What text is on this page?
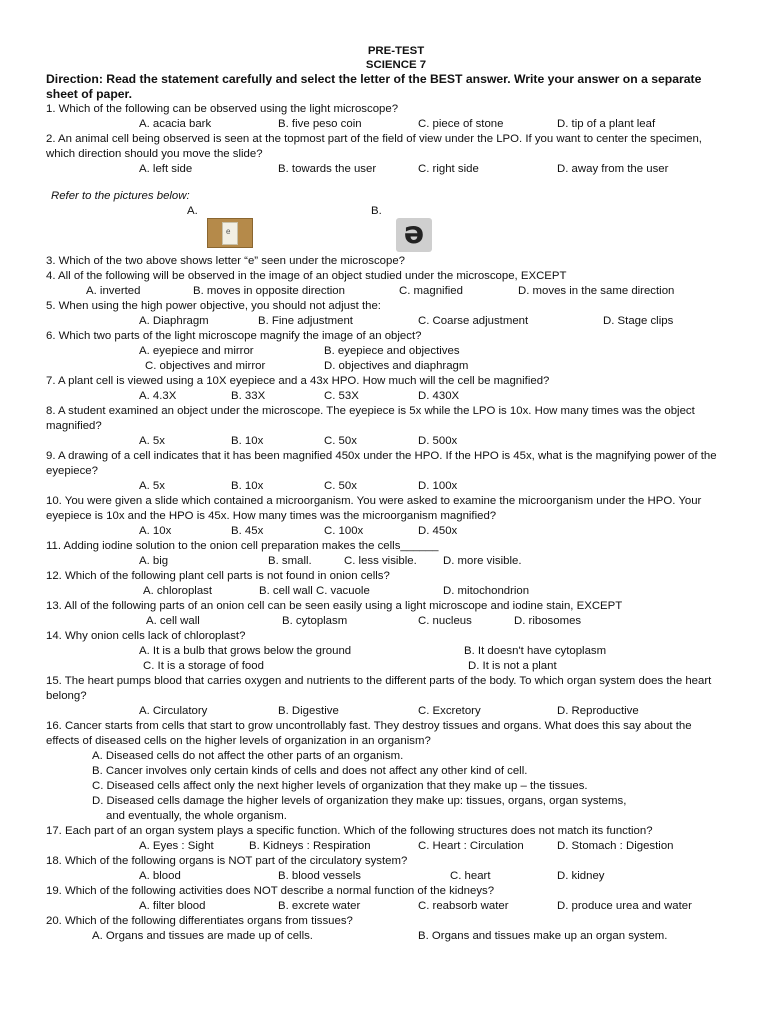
PRE-TEST
SCIENCE 7
Direction: Read the statement carefully and select the letter of the BEST answer. Write your answer on a separate sheet of paper.
1. Which of the following can be observed using the light microscope?
A. acacia bark	B. five peso coin	C. piece of stone	D. tip of a plant leaf
2. An animal cell being observed is seen at the topmost part of the field of view under the LPO. If you want to center the specimen, which direction should you move the slide?
A. left side	B. towards the user	C. right side	D. away from the user
Refer to the pictures below:
A.
e
B.
ə
3. Which of the two above shows letter “e” seen under the microscope?
4. All of the following will be observed in the image of an object studied under the microscope, EXCEPT
A. inverted	B. moves in opposite direction	C. magnified	D. moves in the same direction
5. When using the high power objective, you should not adjust the:
A. Diaphragm	B. Fine adjustment	C. Coarse adjustment	D. Stage clips
6. Which two parts of the light microscope magnify the image of an object?
A. eyepiece and mirror	B. eyepiece and objectives
C. objectives and mirror	D. objectives and diaphragm
7. A plant cell is viewed using a 10X eyepiece and a 43x HPO. How much will the cell be magnified?
A. 4.3X	B. 33X	C. 53X	D. 430X
8. A student examined an object under the microscope. The eyepiece is 5x while the LPO is 10x. How many times was the object magnified?
A. 5x	B. 10x	C. 50x	D. 500x
9. A drawing of a cell indicates that it has been magnified 450x under the HPO. If the HPO is 45x, what is the magnifying power of the eyepiece?
A. 5x	B. 10x	C. 50x	D. 100x
10. You were given a slide which contained a microorganism. You were asked to examine the microorganism under the HPO. Your eyepiece is 10x and the HPO is 45x. How many times was the microorganism magnified?
A. 10x	B. 45x	C. 100x	D. 450x
11. Adding iodine solution to the onion cell preparation makes the cells______
A. big	B. small.	C. less visible. D. more visible.
12. Which of the following plant cell parts is not found in onion cells?
A. chloroplast	B. cell wall C. vacuole	D. mitochondrion
13. All of the following parts of an onion cell can be seen easily using a light microscope and iodine stain, EXCEPT
A. cell wall	B. cytoplasm	C. nucleus	D. ribosomes
14. Why onion cells lack of chloroplast?
A. It is a bulb that grows below the ground	B. It doesn't have cytoplasm
C. It is a storage of food	D. It is not a plant
15. The heart pumps blood that carries oxygen and nutrients to the different parts of the body. To which organ system does the heart belong?
A. Circulatory	B. Digestive	C. Excretory	D. Reproductive
16. Cancer starts from cells that start to grow uncontrollably fast. They destroy tissues and organs. What does this say about the effects of diseased cells on the higher levels of organization in an organism?
A. Diseased cells do not affect the other parts of an organism.
B. Cancer involves only certain kinds of cells and does not affect any other kind of cell.
C. Diseased cells affect only the next higher levels of organization that they make up – the tissues.
D. Diseased cells damage the higher levels of organization they make up: tissues, organs, organ systems,
and eventually, the whole organism.
17. Each part of an organ system plays a specific function. Which of the following structures does not match its function?
A. Eyes : Sight	B. Kidneys : Respiration	C. Heart : Circulation	D. Stomach : Digestion
18. Which of the following organs is NOT part of the circulatory system?
A. blood	B. blood vessels	C. heart	D. kidney
19. Which of the following activities does NOT describe a normal function of the kidneys?
A. filter blood	B. excrete water	C. reabsorb water	D. produce urea and water
20. Which of the following differentiates organs from tissues?
A. Organs and tissues are made up of cells.	B. Organs and tissues make up an organ system.
